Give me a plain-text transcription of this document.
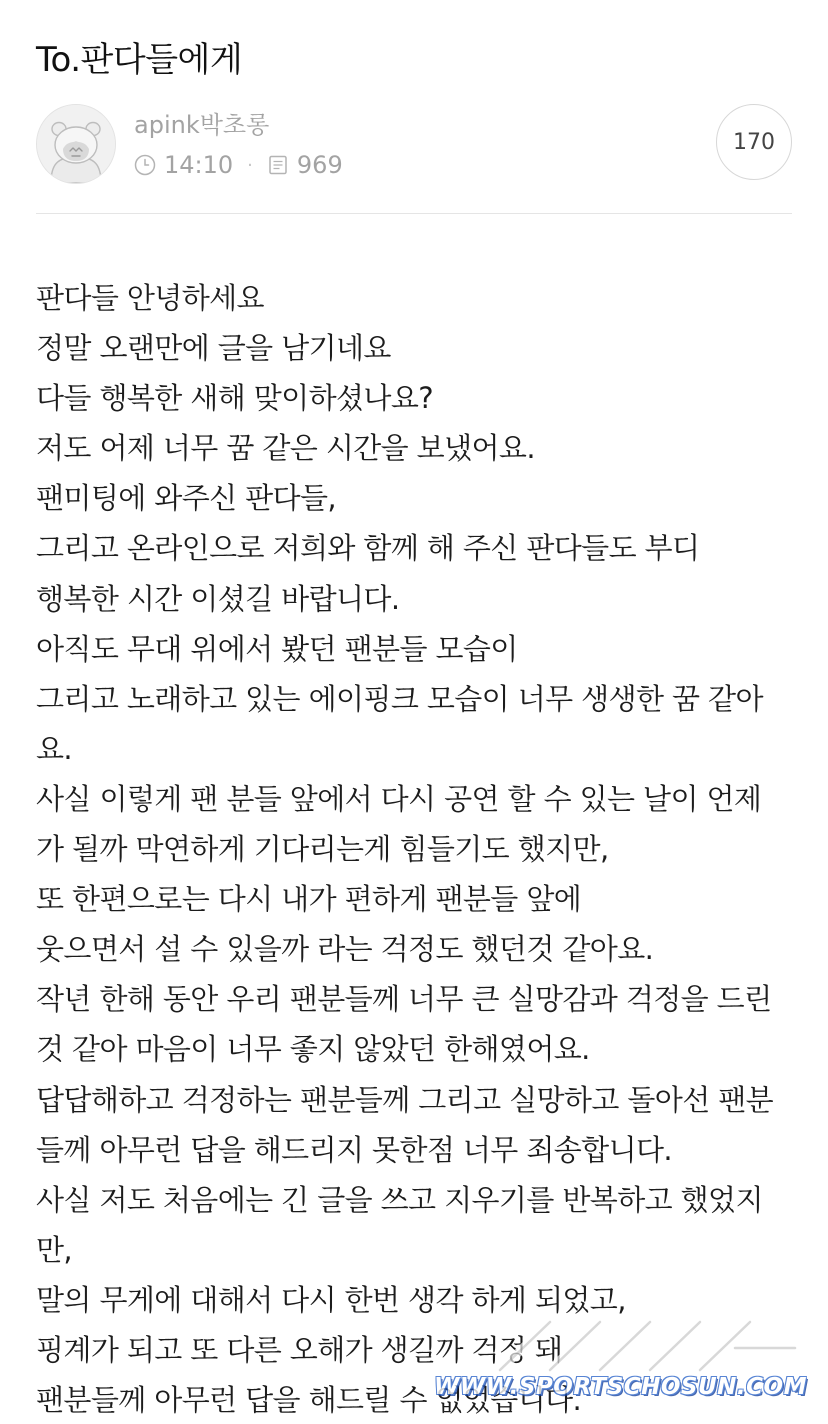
To.판다들에게
apink박초롱
14:10 · 969
170
판다들 안녕하세요
정말 오랜만에 글을 남기네요
다들 행복한 새해 맞이하셨나요?
저도 어제 너무 꿈 같은 시간을 보냈어요.
팬미팅에 와주신 판다들,
그리고 온라인으로 저희와 함께 해 주신 판다들도 부디
행복한 시간 이셨길 바랍니다.
아직도 무대 위에서 봤던 팬분들 모습이
그리고 노래하고 있는 에이핑크 모습이 너무 생생한 꿈 같아
요.
사실 이렇게 팬 분들 앞에서 다시 공연 할 수 있는 날이 언제
가 될까 막연하게 기다리는게 힘들기도 했지만,
또 한편으로는 다시 내가 편하게 팬분들 앞에
웃으면서 설 수 있을까 라는 걱정도 했던것 같아요.
작년 한해 동안 우리 팬분들께 너무 큰 실망감과 걱정을 드린
것 같아 마음이 너무 좋지 않았던 한해였어요.
답답해하고 걱정하는 팬분들께 그리고 실망하고 돌아선 팬분
들께 아무런 답을 해드리지 못한점 너무 죄송합니다.
사실 저도 처음에는 긴 글을 쓰고 지우기를 반복하고 했었지
만,
말의 무게에 대해서 다시 한번 생각 하게 되었고,
핑계가 되고 또 다른 오해가 생길까 걱정 돼
팬분들께 아무런 답을 해드릴 수 없었습니다.
WWW.SPORTSCHOSUN.COM
